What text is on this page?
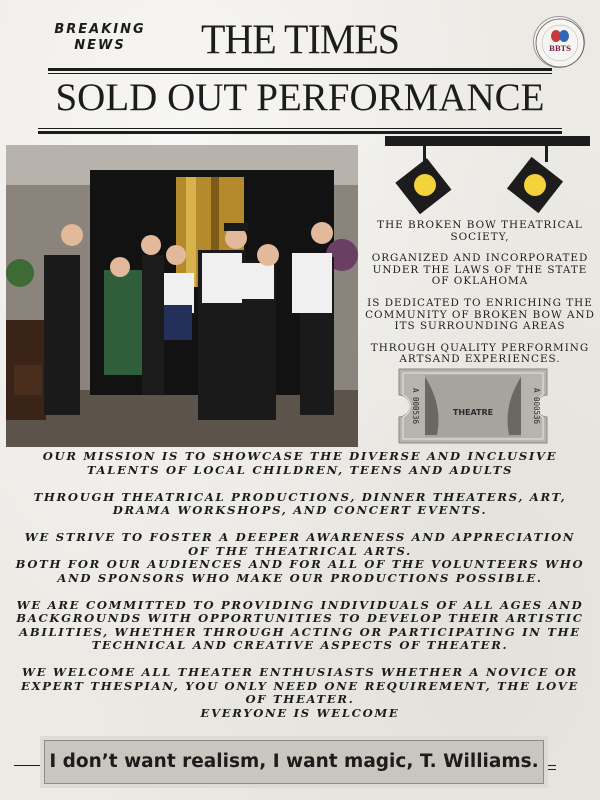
BREAKING
NEWS	THE TIMES	BBTS
SOLD OUT PERFORMANCE

THE BROKEN BOW THEATRICAL SOCIETY,

ORGANIZED AND INCORPORATED UNDER THE LAWS OF THE STATE OF OKLAHOMA

IS DEDICATED TO ENRICHING THE COMMUNITY OF BROKEN BOW AND ITS SURROUNDING AREAS

THROUGH QUALITY PERFORMING ARTSAND EXPERIENCES.

THEATRE
A 000536	A 000536

OUR MISSION IS TO SHOWCASE THE DIVERSE AND INCLUSIVE TALENTS OF LOCAL CHILDREN, TEENS AND ADULTS

THROUGH THEATRICAL PRODUCTIONS, DINNER THEATERS, ART, DRAMA WORKSHOPS, AND CONCERT EVENTS.

WE STRIVE TO FOSTER A DEEPER AWARENESS AND APPRECIATION OF THE THEATRICAL ARTS.

BOTH FOR OUR AUDIENCES AND FOR ALL OF THE VOLUNTEERS WHO AND SPONSORS WHO MAKE OUR PRODUCTIONS POSSIBLE.

WE ARE COMMITTED TO PROVIDING INDIVIDUALS OF ALL AGES AND BACKGROUNDS WITH OPPORTUNITIES TO DEVELOP THEIR ARTISTIC ABILITIES, WHETHER THROUGH ACTING OR PARTICIPATING IN THE TECHNICAL AND CREATIVE ASPECTS OF THEATER.

WE WELCOME ALL THEATER ENTHUSIASTS WHETHER A NOVICE OR EXPERT THESPIAN, YOU ONLY NEED ONE REQUIREMENT, THE LOVE OF THEATER.

EVERYONE IS WELCOME

I don’t want realism, I want magic, T. Williams.
